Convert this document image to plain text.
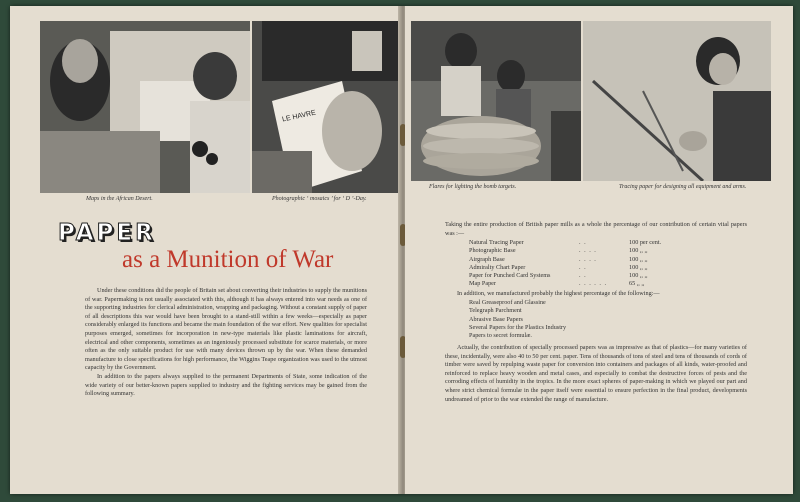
LE HAVRE
Maps in the African Desert.	Photographic ‘ mosaics ’ for ‘ D ’-Day.
PAPER
as a Munition of War

Under these conditions did the people of Britain set about converting their industries to supply the munitions of war. Papermaking is not usually associated with this, although it has always entered into war needs as one of the supporting industries for clerical administration, wrapping and packaging. Without a constant supply of paper of all descriptions this war would have been brought to a stand-still within a few weeks—especially as paper considerably enlarged its functions and became the main foundation of the war effort. New qualities for specialist purposes emerged, sometimes for incorporation in new-type materials like plastic laminations for aircraft, electrical and other components, sometimes as an ingeniously processed substitute for scarce materials, or more often as the only suitable product for use with many devices thrown up by the war. When these demanded manufacture to close specifications for high performance, the Wiggins Teape organization was used to the utmost capacity by the Government.

In addition to the papers always supplied to the permanent Departments of State, some indication of the wide variety of our better-known papers supplied to industry and the fighting services may be gained from the following summary.

Flares for lighting the bomb targets.	Tracing paper for designing all equipment and arms.
Taking the entire production of British paper mills as a whole the percentage of our contribution of certain vital papers was :—
Natural Tracing Paper	. .	100 per cent.
Photographic Base	. . . .	100 ,, ,,
Airgraph Base	. . . .	100 ,, ,,
Admiralty Chart Paper	. .	100 ,, ,,
Paper for Punched Card Systems	. .	100 ,, ,,
Map Paper	. . . . . .	65 ,, ,,
In addition, we manufactured probably the highest percentage of the following:—
Real Greaseproof and Glassine
Telegraph Parchment
Abrasive Base Papers
Several Papers for the Plastics Industry
Papers to secret formulæ.

Actually, the contribution of specially processed papers was as impressive as that of plastics—for many varieties of these, incidentally, were also 40 to 50 per cent. paper. Tens of thousands of tons of steel and tens of thousands of cords of timber were saved by repulping waste paper for conversion into containers and packages of all kinds, water-proofed and reinforced to replace heavy wooden and metal cases, and especially to combat the destructive forces of pests and the corroding effects of humidity in the tropics. In the more exact spheres of paper-making in which we played our part and where strict chemical formulæ in the paper itself were essential to ensure perfection in the final product, developments undreamed of prior to the war extended the range of manufacture.
